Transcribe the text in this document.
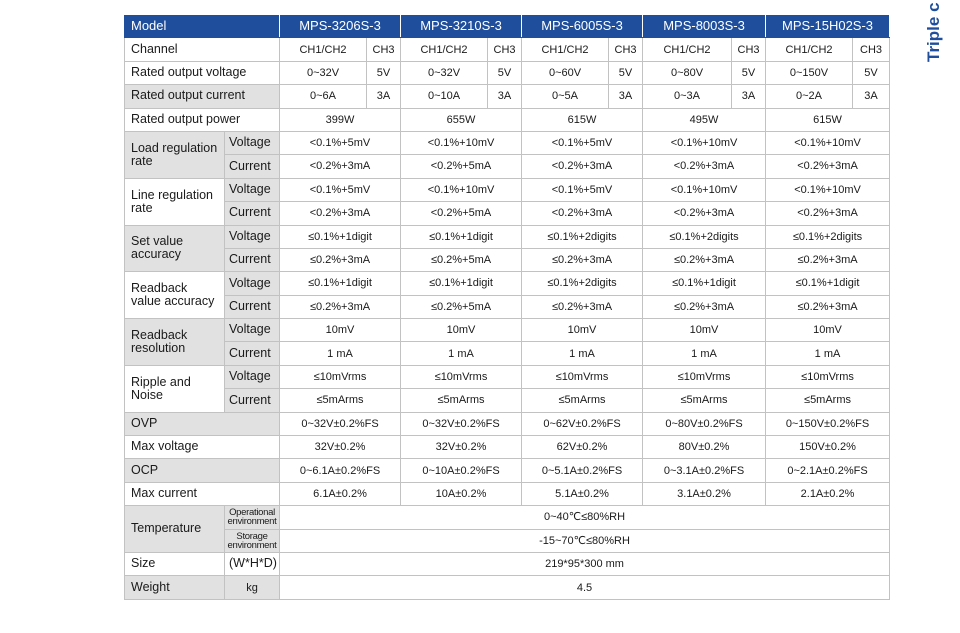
Model		MPS-3206S-3		MPS-3210S-3		MPS-6005S-3		MPS-8003S-3		MPS-15H02S-3	
Channel		CH1/CH2	CH3	CH1/CH2	CH3	CH1/CH2	CH3	CH1/CH2	CH3	CH1/CH2	CH3
Rated output voltage		0~32V	5V	0~32V	5V	0~60V	5V	0~80V	5V	0~150V	5V
Rated output current		0~6A	3A	0~10A	3A	0~5A	3A	0~3A	3A	0~2A	3A
Rated output power		399W		655W		615W		495W		615W	
Load regulation rate	Voltage	<0.1%+5mV		<0.1%+10mV		<0.1%+5mV		<0.1%+10mV		<0.1%+10mV	
	Current	<0.2%+3mA		<0.2%+5mA		<0.2%+3mA		<0.2%+3mA		<0.2%+3mA	
Line regulation rate	Voltage	<0.1%+5mV		<0.1%+10mV		<0.1%+5mV		<0.1%+10mV		<0.1%+10mV	
	Current	<0.2%+3mA		<0.2%+5mA		<0.2%+3mA		<0.2%+3mA		<0.2%+3mA	
Set value accuracy	Voltage	≤0.1%+1digit		≤0.1%+1digit		≤0.1%+2digits		≤0.1%+2digits		≤0.1%+2digits	
	Current	≤0.2%+3mA		≤0.2%+5mA		≤0.2%+3mA		≤0.2%+3mA		≤0.2%+3mA	
Readback value accuracy	Voltage	≤0.1%+1digit		≤0.1%+1digit		≤0.1%+2digits		≤0.1%+1digit		≤0.1%+1digit	
	Current	≤0.2%+3mA		≤0.2%+5mA		≤0.2%+3mA		≤0.2%+3mA		≤0.2%+3mA	
Readback resolution	Voltage	10mV		10mV		10mV		10mV		10mV	
	Current	1 mA		1 mA		1 mA		1 mA		1 mA	
Ripple and Noise	Voltage	≤10mVrms		≤10mVrms		≤10mVrms		≤10mVrms		≤10mVrms	
	Current	≤5mArms		≤5mArms		≤5mArms		≤5mArms		≤5mArms	
OVP		0~32V±0.2%FS		0~32V±0.2%FS		0~62V±0.2%FS		0~80V±0.2%FS		0~150V±0.2%FS	
Max voltage		32V±0.2%		32V±0.2%		62V±0.2%		80V±0.2%		150V±0.2%	
OCP		0~6.1A±0.2%FS		0~10A±0.2%FS		0~5.1A±0.2%FS		0~3.1A±0.2%FS		0~2.1A±0.2%FS	
Max current		6.1A±0.2%		10A±0.2%		5.1A±0.2%		3.1A±0.2%		2.1A±0.2%	
Temperature	Operational environment	0~40℃≤80%RH									
	Storage environment	-15~70℃≤80%RH									
Size	(W*H*D)	219*95*300 mm									
Weight	kg	4.5									
Triple c
